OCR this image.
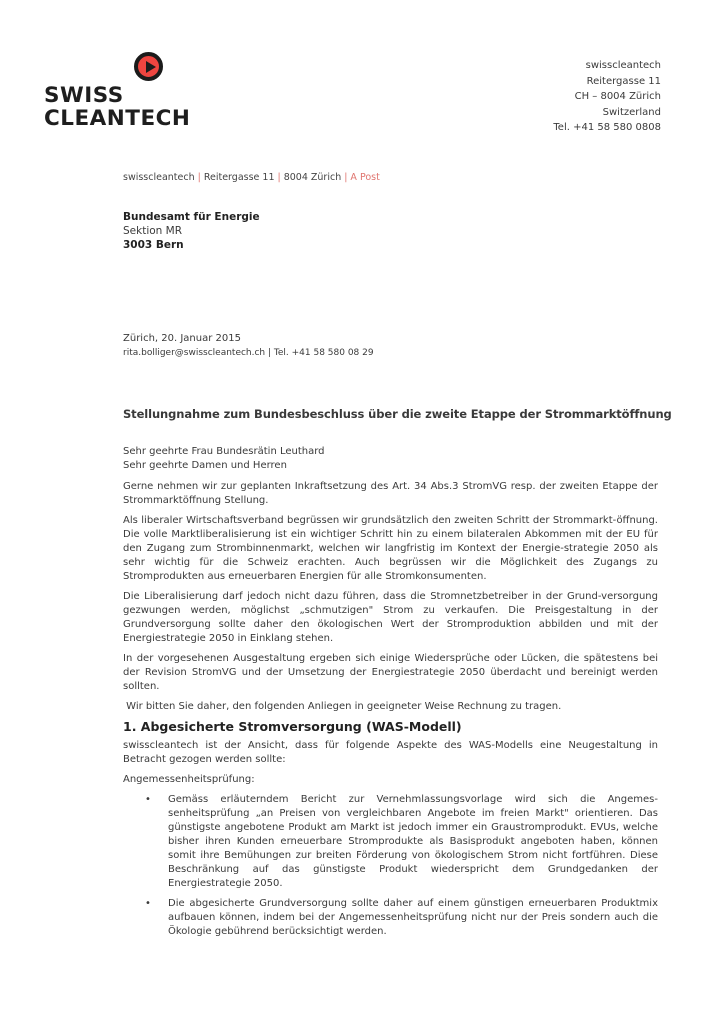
SWISS
CLEANTECH
swisscleantech
Reitergasse 11
CH – 8004 Zürich
Switzerland
Tel. +41 58 580 0808
swisscleantech | Reitergasse 11 | 8004 Zürich | A Post
Bundesamt für Energie
Sektion MR
3003 Bern
Zürich, 20. Januar 2015
rita.bolliger@swisscleantech.ch | Tel. +41 58 580 08 29
Stellungnahme zum Bundesbeschluss über die zweite Etappe der Strommarktöffnung
Sehr geehrte Frau Bundesrätin Leuthard
Sehr geehrte Damen und Herren

Gerne nehmen wir zur geplanten Inkraftsetzung des Art. 34 Abs.3 StromVG resp. der zweiten Etappe der Strommarktöffnung Stellung.

Als liberaler Wirtschaftsverband begrüssen wir grundsätzlich den zweiten Schritt der Strommarkt-öffnung. Die volle Marktliberalisierung ist ein wichtiger Schritt hin zu einem bilateralen Abkommen mit der EU für den Zugang zum Strombinnenmarkt, welchen wir langfristig im Kontext der Energie-strategie 2050 als sehr wichtig für die Schweiz erachten. Auch begrüssen wir die Möglichkeit des Zugangs zu Stromprodukten aus erneuerbaren Energien für alle Stromkonsumenten.

Die Liberalisierung darf jedoch nicht dazu führen, dass die Stromnetzbetreiber in der Grund-versorgung gezwungen werden, möglichst „schmutzigen" Strom zu verkaufen. Die Preisgestaltung in der Grundversorgung sollte daher den ökologischen Wert der Stromproduktion abbilden und mit der Energiestrategie 2050 in Einklang stehen.

In der vorgesehenen Ausgestaltung ergeben sich einige Wiedersprüche oder Lücken, die spätestens bei der Revision StromVG und der Umsetzung der Energiestrategie 2050 überdacht und bereinigt werden sollten.

Wir bitten Sie daher, den folgenden Anliegen in geeigneter Weise Rechnung zu tragen.

1. Abgesicherte Stromversorgung (WAS-Modell)

swisscleantech ist der Ansicht, dass für folgende Aspekte des WAS-Modells eine Neugestaltung in Betracht gezogen werden sollte:

Angemessenheitsprüfung:

• Gemäss erläuterndem Bericht zur Vernehmlassungsvorlage wird sich die Angemes-senheitsprüfung „an Preisen von vergleichbaren Angebote im freien Markt" orientieren. Das günstigste angebotene Produkt am Markt ist jedoch immer ein Graustromprodukt. EVUs, welche bisher ihren Kunden erneuerbare Stromprodukte als Basisprodukt angeboten haben, können somit ihre Bemühungen zur breiten Förderung von ökologischem Strom nicht fortführen. Diese Beschränkung auf das günstigste Produkt wiederspricht dem Grundgedanken der Energiestrategie 2050.
• Die abgesicherte Grundversorgung sollte daher auf einem günstigen erneuerbaren Produktmix aufbauen können, indem bei der Angemessenheitsprüfung nicht nur der Preis sondern auch die Ökologie gebührend berücksichtigt werden.
